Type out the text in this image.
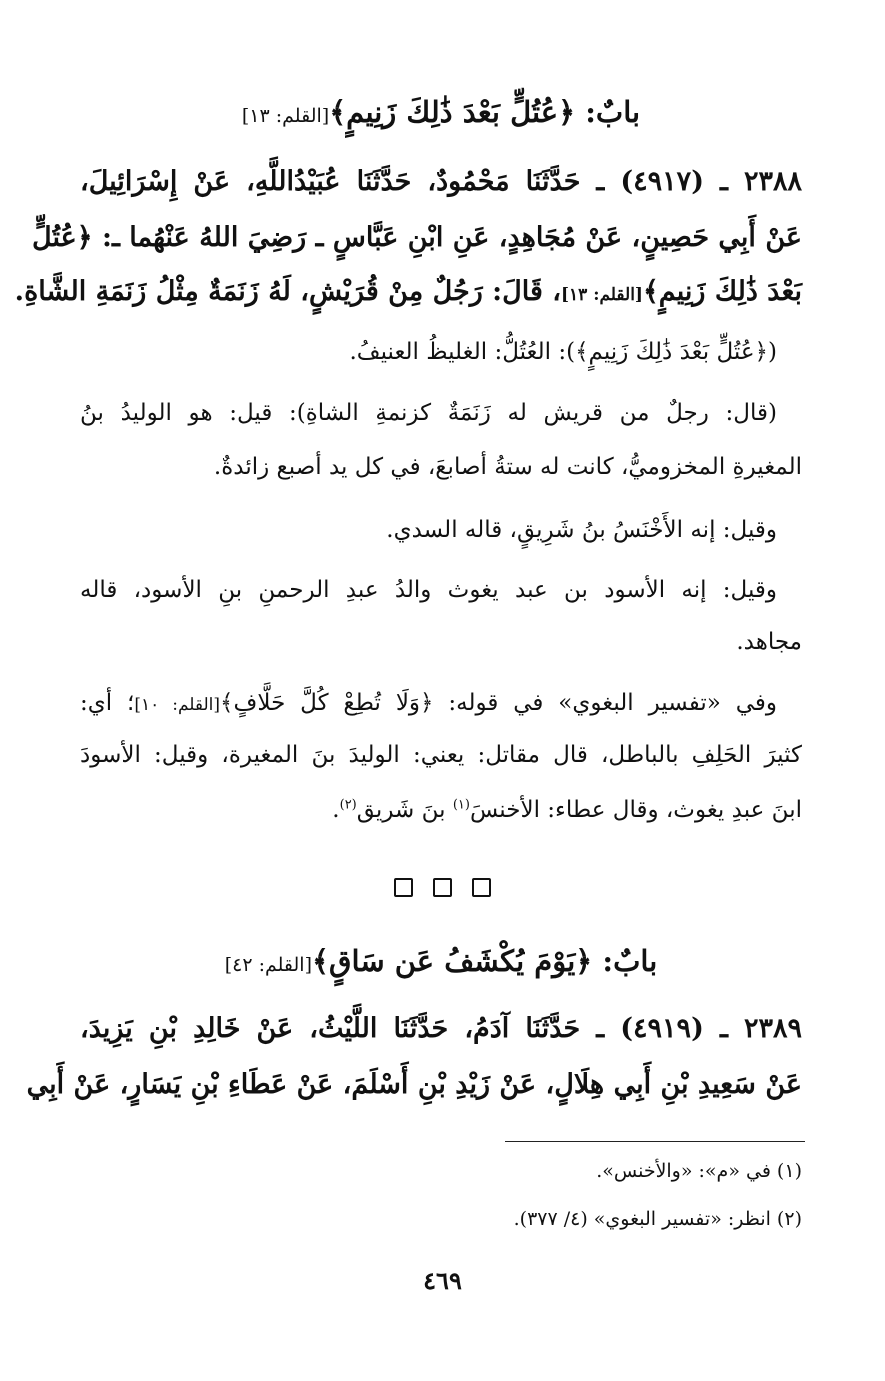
بابٌ: ﴿عُتُلٍّ بَعْدَ ذَٰلِكَ زَنِيمٍ﴾[القلم: ١٣]
٢٣٨٨ ـ (٤٩١٧) ـ حَدَّثَنَا مَحْمُودٌ، حَدَّثَنَا عُبَيْدُاللَّهِ، عَنْ إِسْرَائِيلَ،
عَنْ أَبِي حَصِينٍ، عَنْ مُجَاهِدٍ، عَنِ ابْنِ عَبَّاسٍ ـ رَضِيَ اللهُ عَنْهُما ـ: ﴿عُتُلٍّ
بَعْدَ ذَٰلِكَ زَنِيمٍ﴾[القلم: ١٣]، قَالَ: رَجُلٌ مِنْ قُرَيْشٍ، لَهُ زَنَمَةٌ مِثْلُ زَنَمَةِ الشَّاةِ.
(﴿عُتُلٍّ بَعْدَ ذَٰلِكَ زَنِيمٍ﴾): العُتُلُّ: الغليظُ العنيفُ.
(قال: رجلٌ من قريش له زَنَمَةٌ كزنمةِ الشاةِ): قيل: هو الوليدُ بنُ
المغيرةِ المخزوميُّ، كانت له ستةُ أصابعَ، في كل يد أصبع زائدةٌ.
وقيل: إنه الأَخْنَسُ بنُ شَرِيقٍ، قاله السدي.
وقيل: إنه الأسود بن عبد يغوث والدُ عبدِ الرحمنِ بنِ الأسود، قاله
مجاهد.
وفي «تفسير البغوي» في قوله: ﴿وَلَا تُطِعْ كُلَّ حَلَّافٍ﴾[القلم: ١٠]؛ أي:
كثيرَ الحَلِفِ بالباطل، قال مقاتل: يعني: الوليدَ بنَ المغيرة، وقيل: الأسودَ
ابنَ عبدِ يغوث، وقال عطاء: الأخنسَ$^{(١)}$ بنَ شَريق$^{(٢)}$.
بابٌ: ﴿يَوْمَ يُكْشَفُ عَن سَاقٍ﴾[القلم: ٤٢]
٢٣٨٩ ـ (٤٩١٩) ـ حَدَّثَنَا آدَمُ، حَدَّثَنَا اللَّيْثُ، عَنْ خَالِدِ بْنِ يَزِيدَ،
عَنْ سَعِيدِ بْنِ أَبِي هِلَالٍ، عَنْ زَيْدِ بْنِ أَسْلَمَ، عَنْ عَطَاءِ بْنِ يَسَارٍ، عَنْ أَبِي
(١) في «م»: «والأخنس».
(٢) انظر: «تفسير البغوي» (٤/ ٣٧٧).
٤٦٩
